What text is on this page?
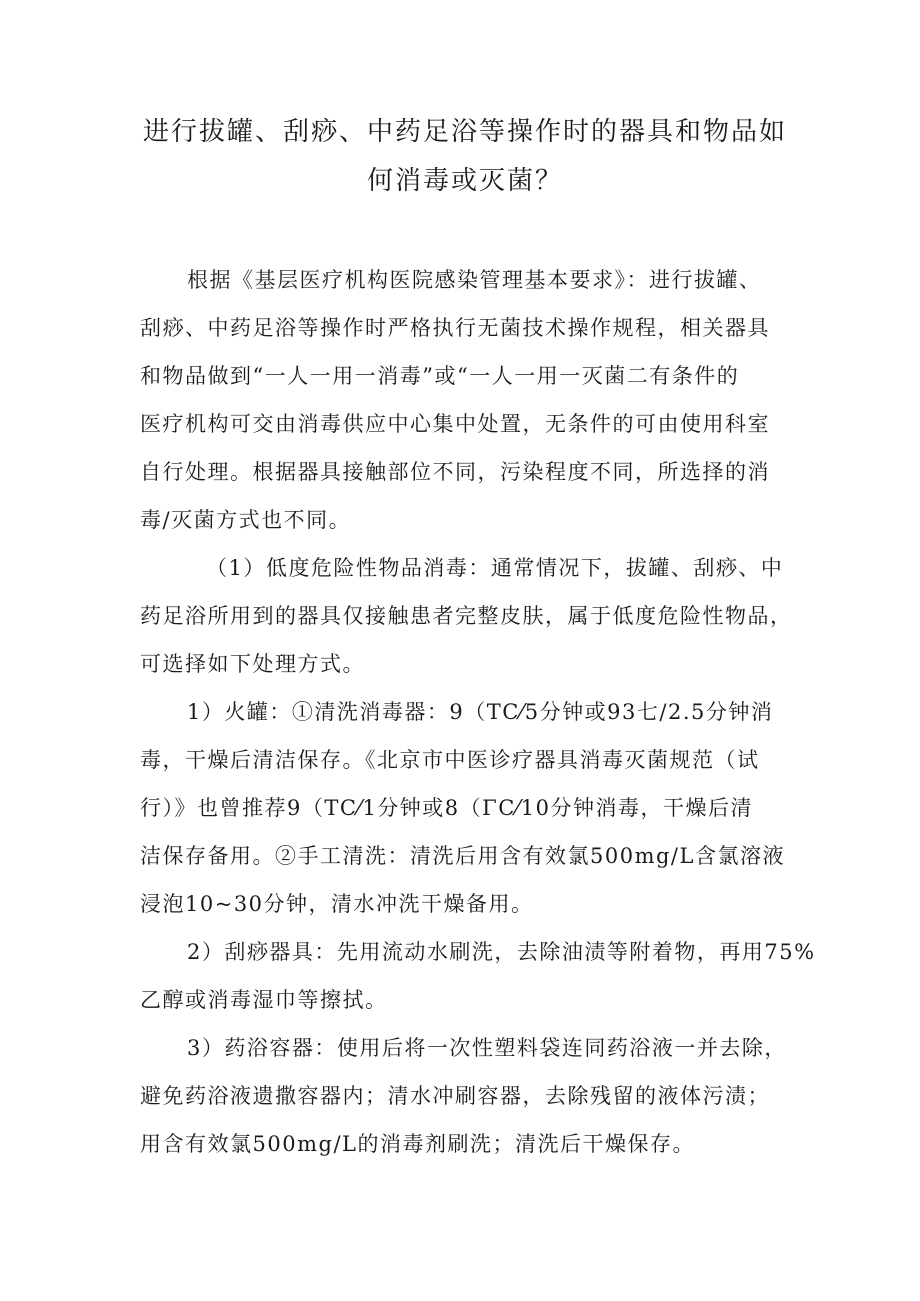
进行拔罐、刮痧、中药足浴等操作时的器具和物品如
何消毒或灭菌？
根据《基层医疗机构医院感染管理基本要求》：进行拔罐、
刮痧、中药足浴等操作时严格执行无菌技术操作规程，相关器具
和物品做到“一人一用一消毒”或“一人一用一灭菌二有条件的
医疗机构可交由消毒供应中心集中处置，无条件的可由使用科室
自行处理。根据器具接触部位不同，污染程度不同，所选择的消
毒/灭菌方式也不同。
（1）低度危险性物品消毒：通常情况下，拔罐、刮痧、中
药足浴所用到的器具仅接触患者完整皮肤，属于低度危险性物品，
可选择如下处理方式。
1）火罐：①清洗消毒器：9（TC⁄5分钟或93七/2.5分钟消
毒，干燥后清洁保存。《北京市中医诊疗器具消毒灭菌规范（试
行）》也曾推荐9（TC⁄1分钟或8（ΓC⁄10分钟消毒，干燥后清
洁保存备用。②手工清洗：清洗后用含有效氯500mg/L含氯溶液
浸泡10~30分钟，清水冲洗干燥备用。
2）刮痧器具：先用流动水刷洗，去除油渍等附着物，再用75%
乙醇或消毒湿巾等擦拭。
3）药浴容器：使用后将一次性塑料袋连同药浴液一并去除，
避免药浴液遗撒容器内；清水冲刷容器，去除残留的液体污渍；
用含有效氯500mg/L的消毒剂刷洗；清洗后干燥保存。
